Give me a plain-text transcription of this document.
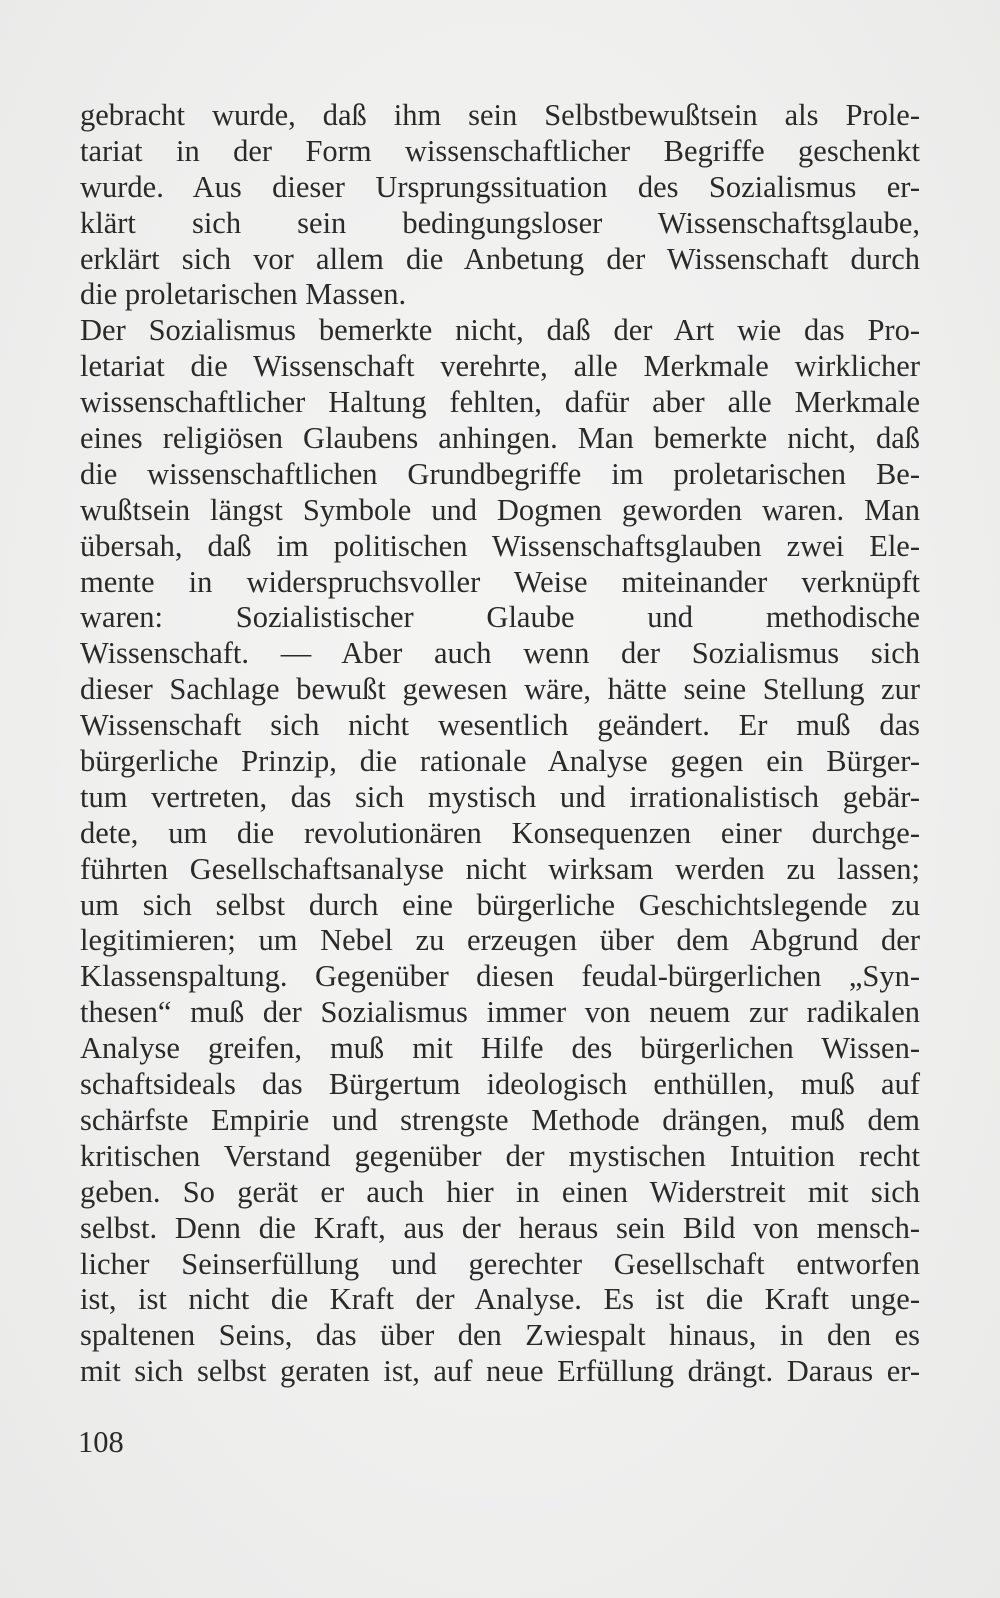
gebracht wurde, daß ihm sein Selbstbewußtsein als Prole-
tariat in der Form wissenschaftlicher Begriffe geschenkt
wurde. Aus dieser Ursprungssituation des Sozialismus er-
klärt sich sein bedingungsloser Wissenschaftsglaube,
erklärt sich vor allem die Anbetung der Wissenschaft durch
die proletarischen Massen.
Der Sozialismus bemerkte nicht, daß der Art wie das Pro-
letariat die Wissenschaft verehrte, alle Merkmale wirklicher
wissenschaftlicher Haltung fehlten, dafür aber alle Merkmale
eines religiösen Glaubens anhingen. Man bemerkte nicht, daß
die wissenschaftlichen Grundbegriffe im proletarischen Be-
wußtsein längst Symbole und Dogmen geworden waren. Man
übersah, daß im politischen Wissenschaftsglauben zwei Ele-
mente in widerspruchsvoller Weise miteinander verknüpft
waren: Sozialistischer Glaube und methodische
Wissenschaft. — Aber auch wenn der Sozialismus sich
dieser Sachlage bewußt gewesen wäre, hätte seine Stellung zur
Wissenschaft sich nicht wesentlich geändert. Er muß das
bürgerliche Prinzip, die rationale Analyse gegen ein Bürger-
tum vertreten, das sich mystisch und irrationalistisch gebär-
dete, um die revolutionären Konsequenzen einer durchge-
führten Gesellschaftsanalyse nicht wirksam werden zu lassen;
um sich selbst durch eine bürgerliche Geschichtslegende zu
legitimieren; um Nebel zu erzeugen über dem Abgrund der
Klassenspaltung. Gegenüber diesen feudal-bürgerlichen „Syn-
thesen“ muß der Sozialismus immer von neuem zur radikalen
Analyse greifen, muß mit Hilfe des bürgerlichen Wissen-
schaftsideals das Bürgertum ideologisch enthüllen, muß auf
schärfste Empirie und strengste Methode drängen, muß dem
kritischen Verstand gegenüber der mystischen Intuition recht
geben. So gerät er auch hier in einen Widerstreit mit sich
selbst. Denn die Kraft, aus der heraus sein Bild von mensch-
licher Seinserfüllung und gerechter Gesellschaft entworfen
ist, ist nicht die Kraft der Analyse. Es ist die Kraft unge-
spaltenen Seins, das über den Zwiespalt hinaus, in den es
mit sich selbst geraten ist, auf neue Erfüllung drängt. Daraus er-
108
